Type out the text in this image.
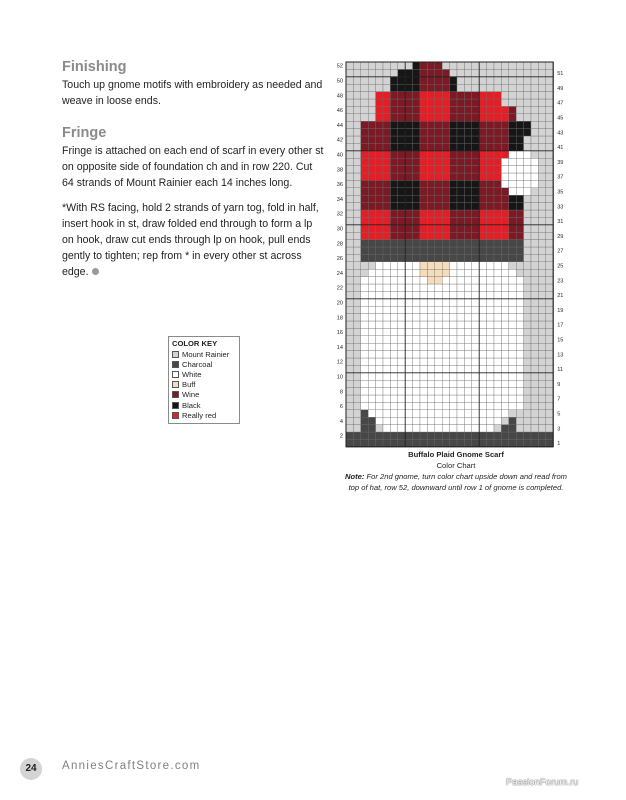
Finishing

Touch up gnome motifs with embroidery as needed and weave in loose ends.

Fringe

Fringe is attached on each end of scarf in every other st on opposite side of foundation ch and in row 220. Cut 64 strands of Mount Rainier each 14 inches long.

*With RS facing, hold 2 strands of yarn tog, fold in half, insert hook in st, draw folded end through to form a lp on hook, draw cut ends through lp on hook, pull ends gently to tighten; rep from * in every other st across edge.

COLOR KEY
Mount Rainier
Charcoal
White
Buff
Wine
Black
Really red
52
50
48
46
44
42
40
38
36
34
32
30
28
26
24
22
20
18
16
14
12
10
8
6
4
2
51
49
47
45
43
41
39
37
35
33
31
29
27
25
23
21
19
17
15
13
11
9
7
5
3
1
Buffalo Plaid Gnome Scarf
Color Chart
Note: For 2nd gnome, turn color chart upside down and read from top of hat, row 52, downward until row 1 of gnome is completed.
24	AnniesCraftStore.com
PassionForum.ru
